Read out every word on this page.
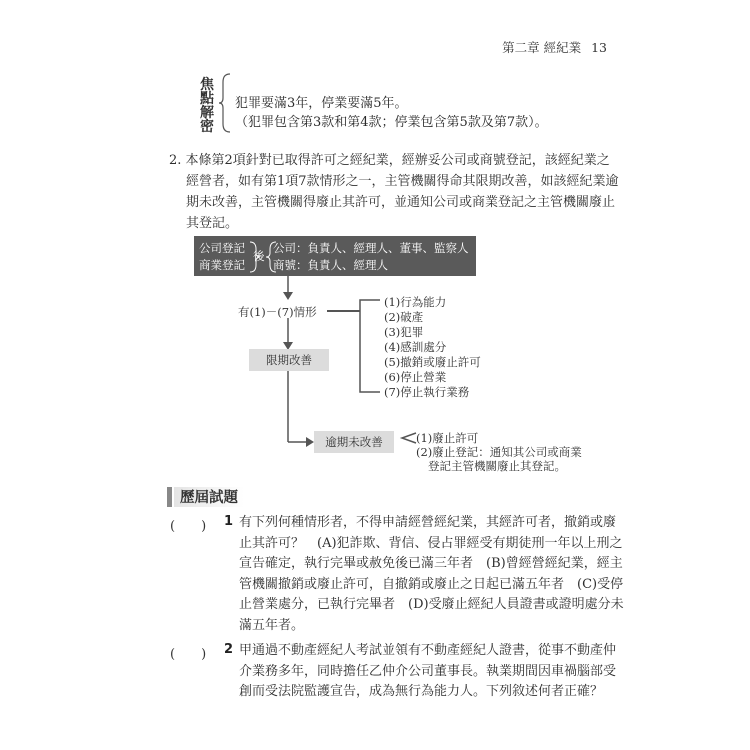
第二章 經紀業 13
焦
點
解
密
犯罪要滿3年，停業要滿5年。
（犯罪包含第3款和第4款；停業包含第5款及第7款）。
2. 本條第2項針對已取得許可之經紀業，經辦妥公司或商號登記，該經紀業之
經營者，如有第1項7款情形之一，主管機關得命其限期改善，如該經紀業逾
期未改善，主管機關得廢止其許可，並通知公司或商業登記之主管機關廢止
其登記。
公司登記
商業登記
後
公司：負責人、經理人、董事、監察人
商號：負責人、經理人
有(1)－(7)情形
(1)行為能力
(2)破產
(3)犯罪
(4)感訓處分
(5)撤銷或廢止許可
(6)停止營業
(7)停止執行業務
限期改善
逾期未改善	(1)廢止許可
(2)廢止登記：通知其公司或商業
登記主管機關廢止其登記。
歷屆試題
(　　) 1 有下列何種情形者，不得申請經營經紀業，其經許可者，撤銷或廢
止其許可？　(A)犯詐欺、背信、侵占罪經受有期徒刑一年以上刑之
宣告確定，執行完畢或赦免後已滿三年者　(B)曾經營經紀業，經主
管機關撤銷或廢止許可，自撤銷或廢止之日起已滿五年者　(C)受停
止營業處分，已執行完畢者　(D)受廢止經紀人員證書或證明處分未
滿五年者。
(　　) 2 甲通過不動產經紀人考試並領有不動產經紀人證書，從事不動產仲
介業務多年，同時擔任乙仲介公司董事長。執業期間因車禍腦部受
創而受法院監護宣告，成為無行為能力人。下列敘述何者正確？
